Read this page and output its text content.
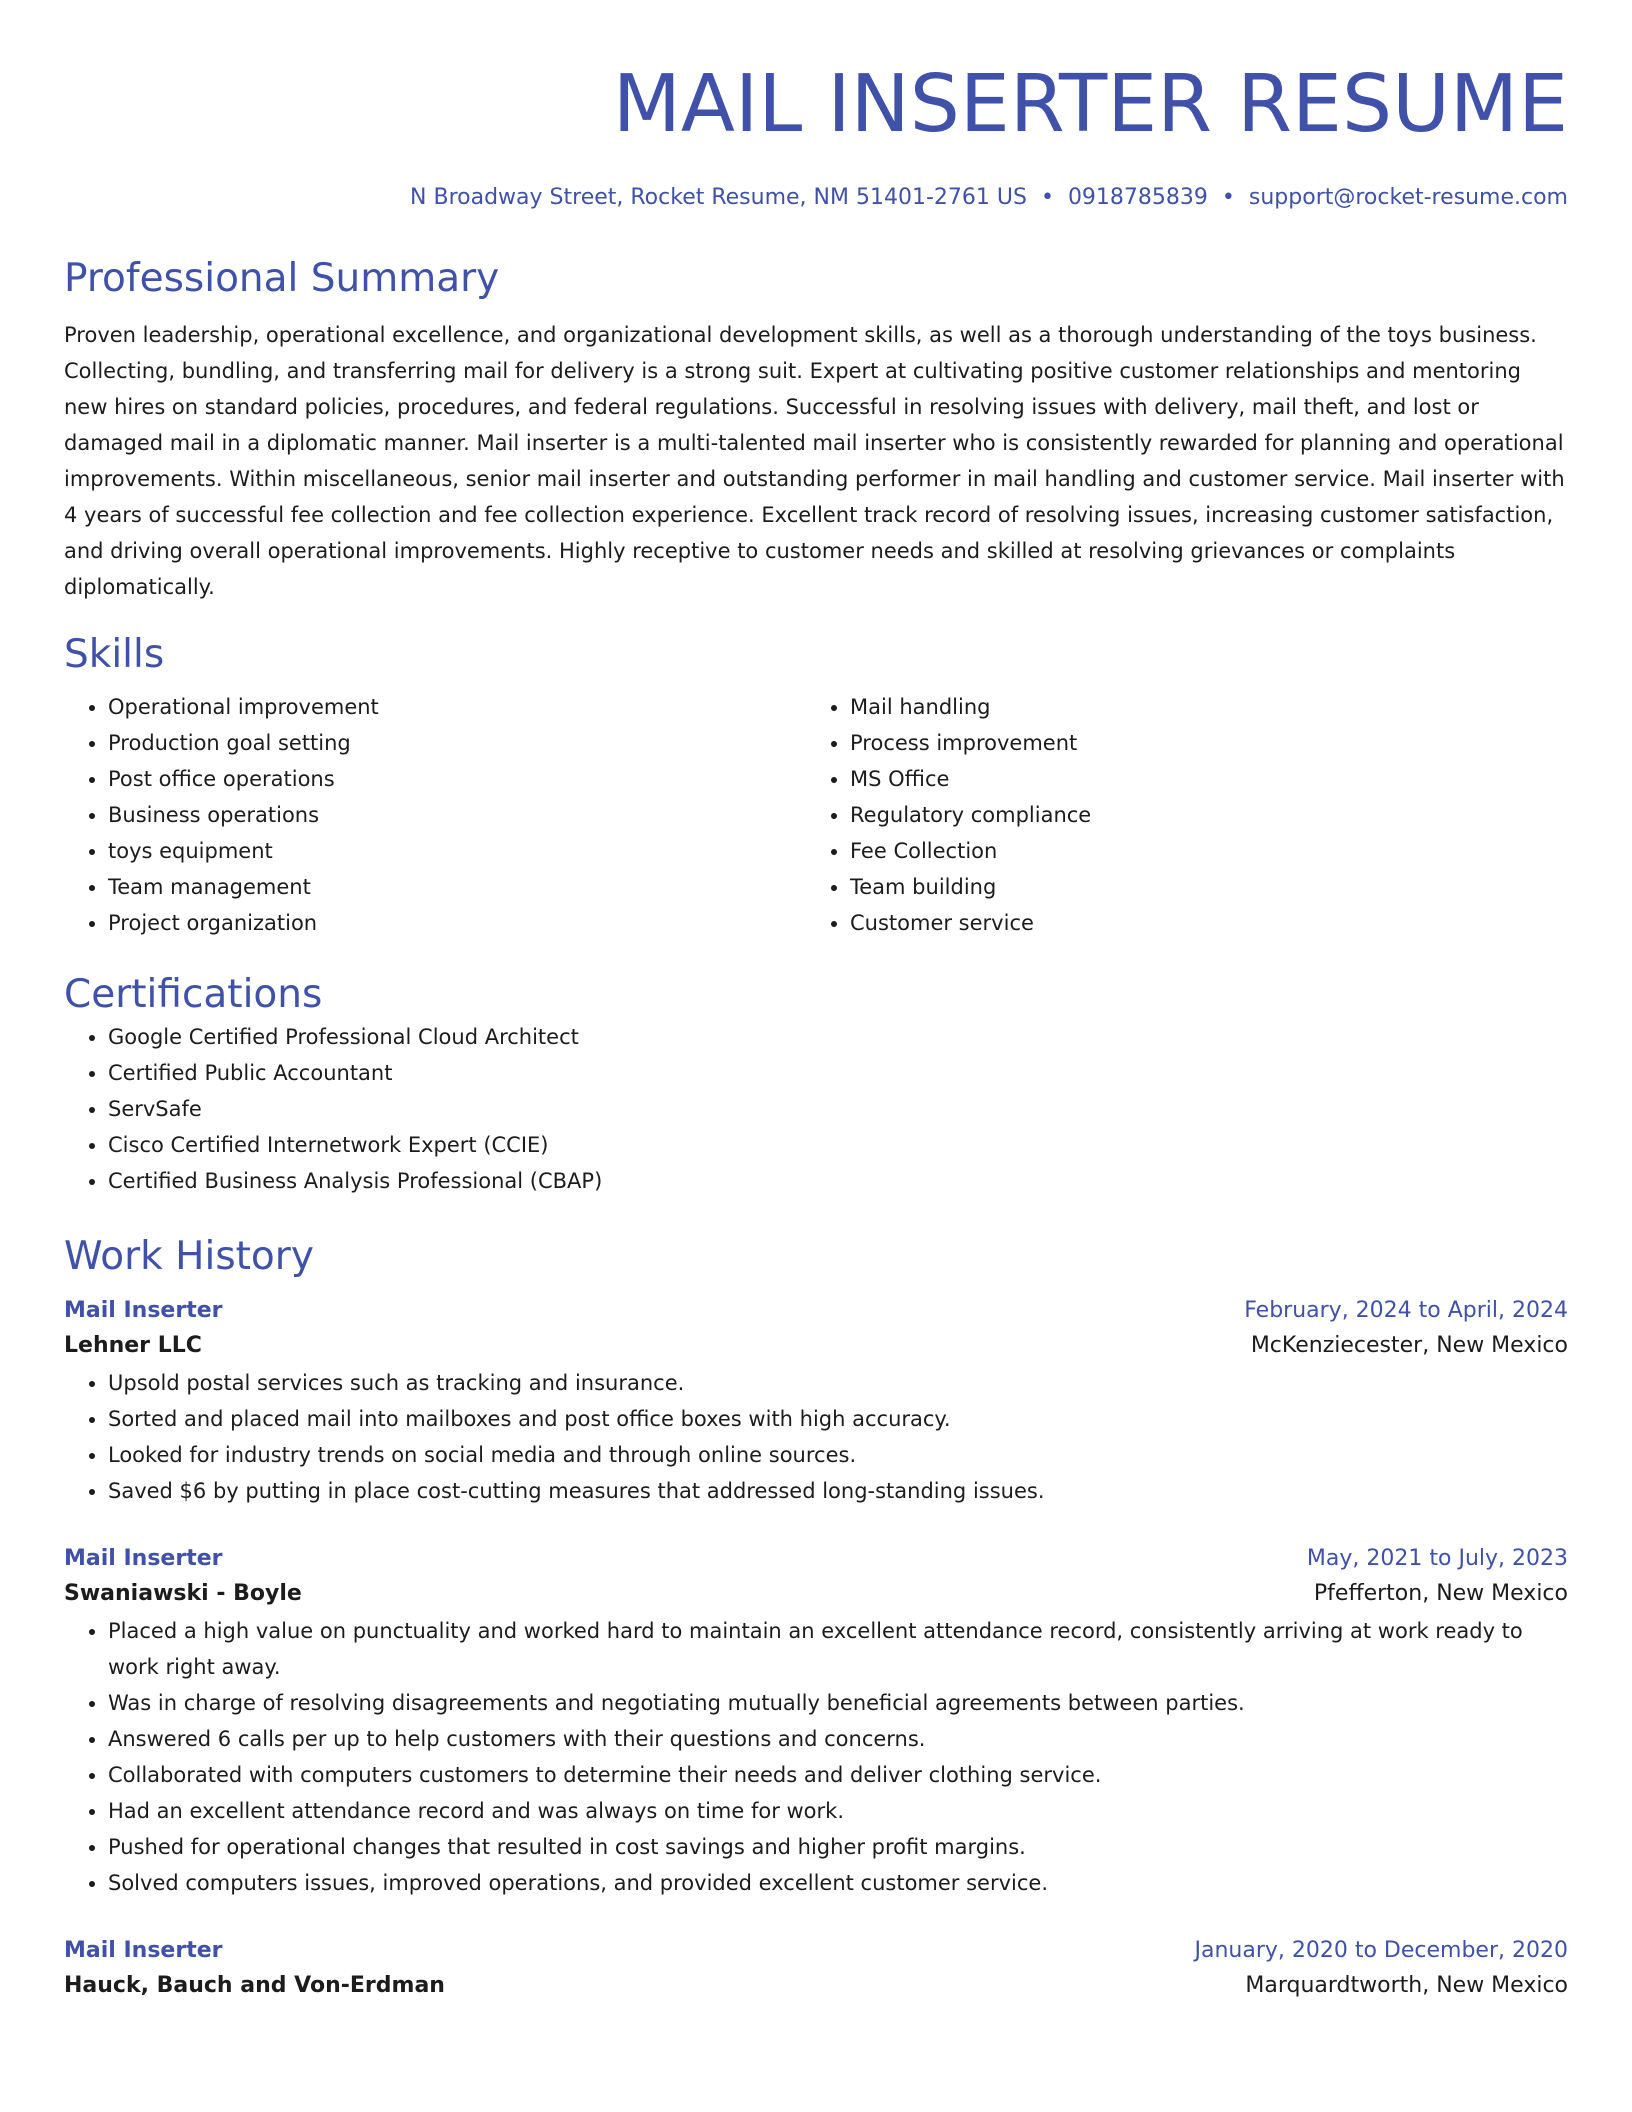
MAIL INSERTER RESUME
N Broadway Street, Rocket Resume, NM 51401-2761 US • 0918785839 • support@rocket-resume.com
Professional Summary
Proven leadership, operational excellence, and organizational development skills, as well as a thorough understanding of the toys business. Collecting, bundling, and transferring mail for delivery is a strong suit. Expert at cultivating positive customer relationships and mentoring new hires on standard policies, procedures, and federal regulations. Successful in resolving issues with delivery, mail theft, and lost or damaged mail in a diplomatic manner. Mail inserter is a multi-talented mail inserter who is consistently rewarded for planning and operational improvements. Within miscellaneous, senior mail inserter and outstanding performer in mail handling and customer service. Mail inserter with 4 years of successful fee collection and fee collection experience. Excellent track record of resolving issues, increasing customer satisfaction, and driving overall operational improvements. Highly receptive to customer needs and skilled at resolving grievances or complaints diplomatically.
Skills
• Operational improvement
• Production goal setting
• Post office operations
• Business operations
• toys equipment
• Team management
• Project organization
• Mail handling
• Process improvement
• MS Office
• Regulatory compliance
• Fee Collection
• Team building
• Customer service
Certifications
• Google Certified Professional Cloud Architect
• Certified Public Accountant
• ServSafe
• Cisco Certified Internetwork Expert (CCIE)
• Certified Business Analysis Professional (CBAP)
Work History
Mail Inserter	February, 2024 to April, 2024
Lehner LLC	McKenziecester, New Mexico
• Upsold postal services such as tracking and insurance.
• Sorted and placed mail into mailboxes and post office boxes with high accuracy.
• Looked for industry trends on social media and through online sources.
• Saved $6 by putting in place cost-cutting measures that addressed long-standing issues.
Mail Inserter	May, 2021 to July, 2023
Swaniawski - Boyle	Pfefferton, New Mexico
• Placed a high value on punctuality and worked hard to maintain an excellent attendance record, consistently arriving at work ready to work right away.
• Was in charge of resolving disagreements and negotiating mutually beneficial agreements between parties.
• Answered 6 calls per up to help customers with their questions and concerns.
• Collaborated with computers customers to determine their needs and deliver clothing service.
• Had an excellent attendance record and was always on time for work.
• Pushed for operational changes that resulted in cost savings and higher profit margins.
• Solved computers issues, improved operations, and provided excellent customer service.
Mail Inserter	January, 2020 to December, 2020
Hauck, Bauch and Von-Erdman	Marquardtworth, New Mexico
